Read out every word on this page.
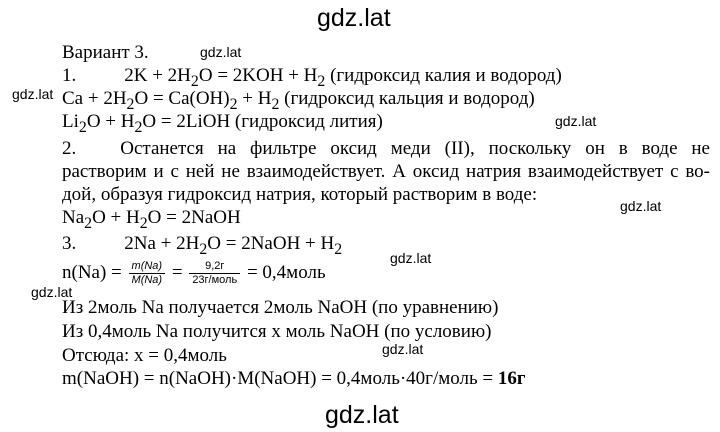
gdz.lat
gdz.lat
gdz.lat
gdz.lat
gdz.lat
gdz.lat
gdz.lat
gdz.lat
gdz.lat
Вариант 3.
1.	$2K + 2H_2O = 2KOH + H_2$ (гидроксид калия и водород)
$Ca + 2H_2O = Ca(OH)_2 + H_2$ (гидроксид кальция и водород)
$Li_2O + H_2O$ = 2LiOH (гидроксид лития)
2. Останется на фильтре оксид меди (II), поскольку он в воде не
растворим и с ней не взаимодействует. А оксид натрия взаимодействует с во-
дой, образуя гидроксид натрия, который растворим в воде:
$Na_2O + H_2O$ = 2NaOH
3.	$2Na + 2H_2O$ = 2NaOH + $H_2$
$n(Na) = \frac{m(Na)}{M(Na)} = \frac{9,2г}{\text{23г/моль}}$ = 0,4моль
Из 2моль Na получается 2моль NaOH (по уравнению)
Из 0,4моль Na получится х моль NaOH (по условию)
Отсюда: х = 0,4моль
m(NaOH) = n(NaOH)·M(NaOH) = 0,4моль·40г/моль = 16г
